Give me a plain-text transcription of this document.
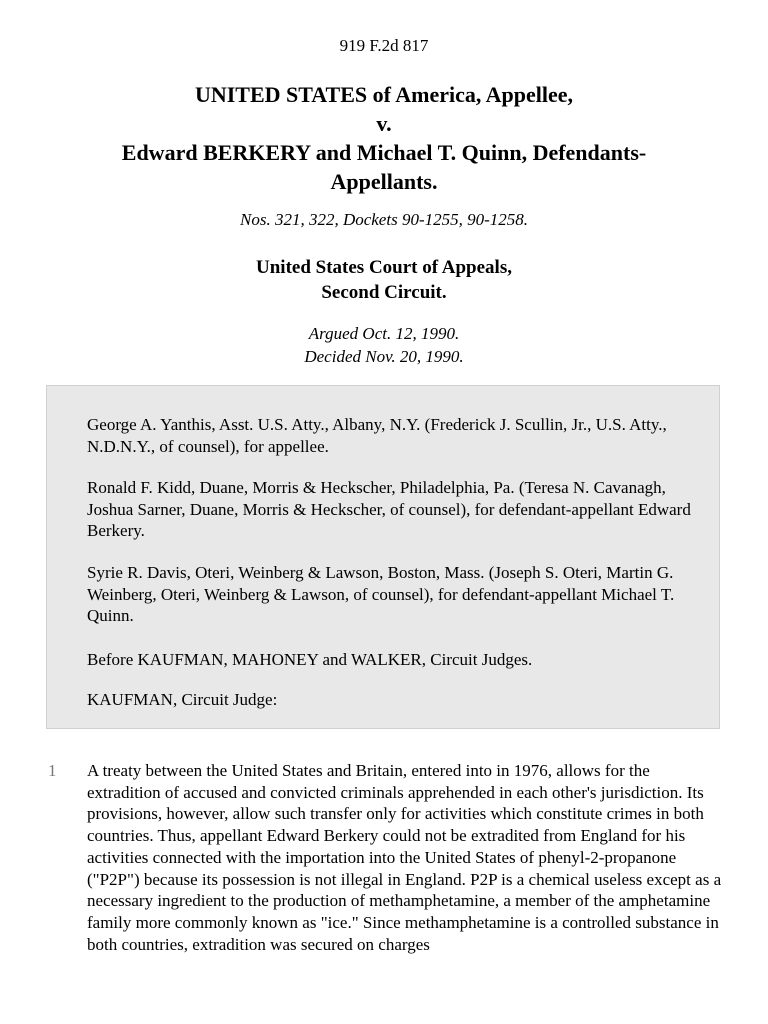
919 F.2d 817
UNITED STATES of America, Appellee,
v.
Edward BERKERY and Michael T. Quinn, Defendants-
Appellants.
Nos. 321, 322, Dockets 90-1255, 90-1258.
United States Court of Appeals,
Second Circuit.
Argued Oct. 12, 1990.
Decided Nov. 20, 1990.

George A. Yanthis, Asst. U.S. Atty., Albany, N.Y. (Frederick J. Scullin, Jr., U.S. Atty., N.D.N.Y., of counsel), for appellee.

Ronald F. Kidd, Duane, Morris & Heckscher, Philadelphia, Pa. (Teresa N. Cavanagh, Joshua Sarner, Duane, Morris & Heckscher, of counsel), for defendant-appellant Edward Berkery.

Syrie R. Davis, Oteri, Weinberg & Lawson, Boston, Mass. (Joseph S. Oteri, Martin G. Weinberg, Oteri, Weinberg & Lawson, of counsel), for defendant-appellant Michael T. Quinn.

Before KAUFMAN, MAHONEY and WALKER, Circuit Judges.

KAUFMAN, Circuit Judge:

1 A treaty between the United States and Britain, entered into in 1976, allows for the extradition of accused and convicted criminals apprehended in each other's jurisdiction. Its provisions, however, allow such transfer only for activities which constitute crimes in both countries. Thus, appellant Edward Berkery could not be extradited from England for his activities connected with the importation into the United States of phenyl-2-propanone ("P2P") because its possession is not illegal in England. P2P is a chemical useless except as a necessary ingredient to the production of methamphetamine, a member of the amphetamine family more commonly known as "ice." Since methamphetamine is a controlled substance in both countries, extradition was secured on charges
